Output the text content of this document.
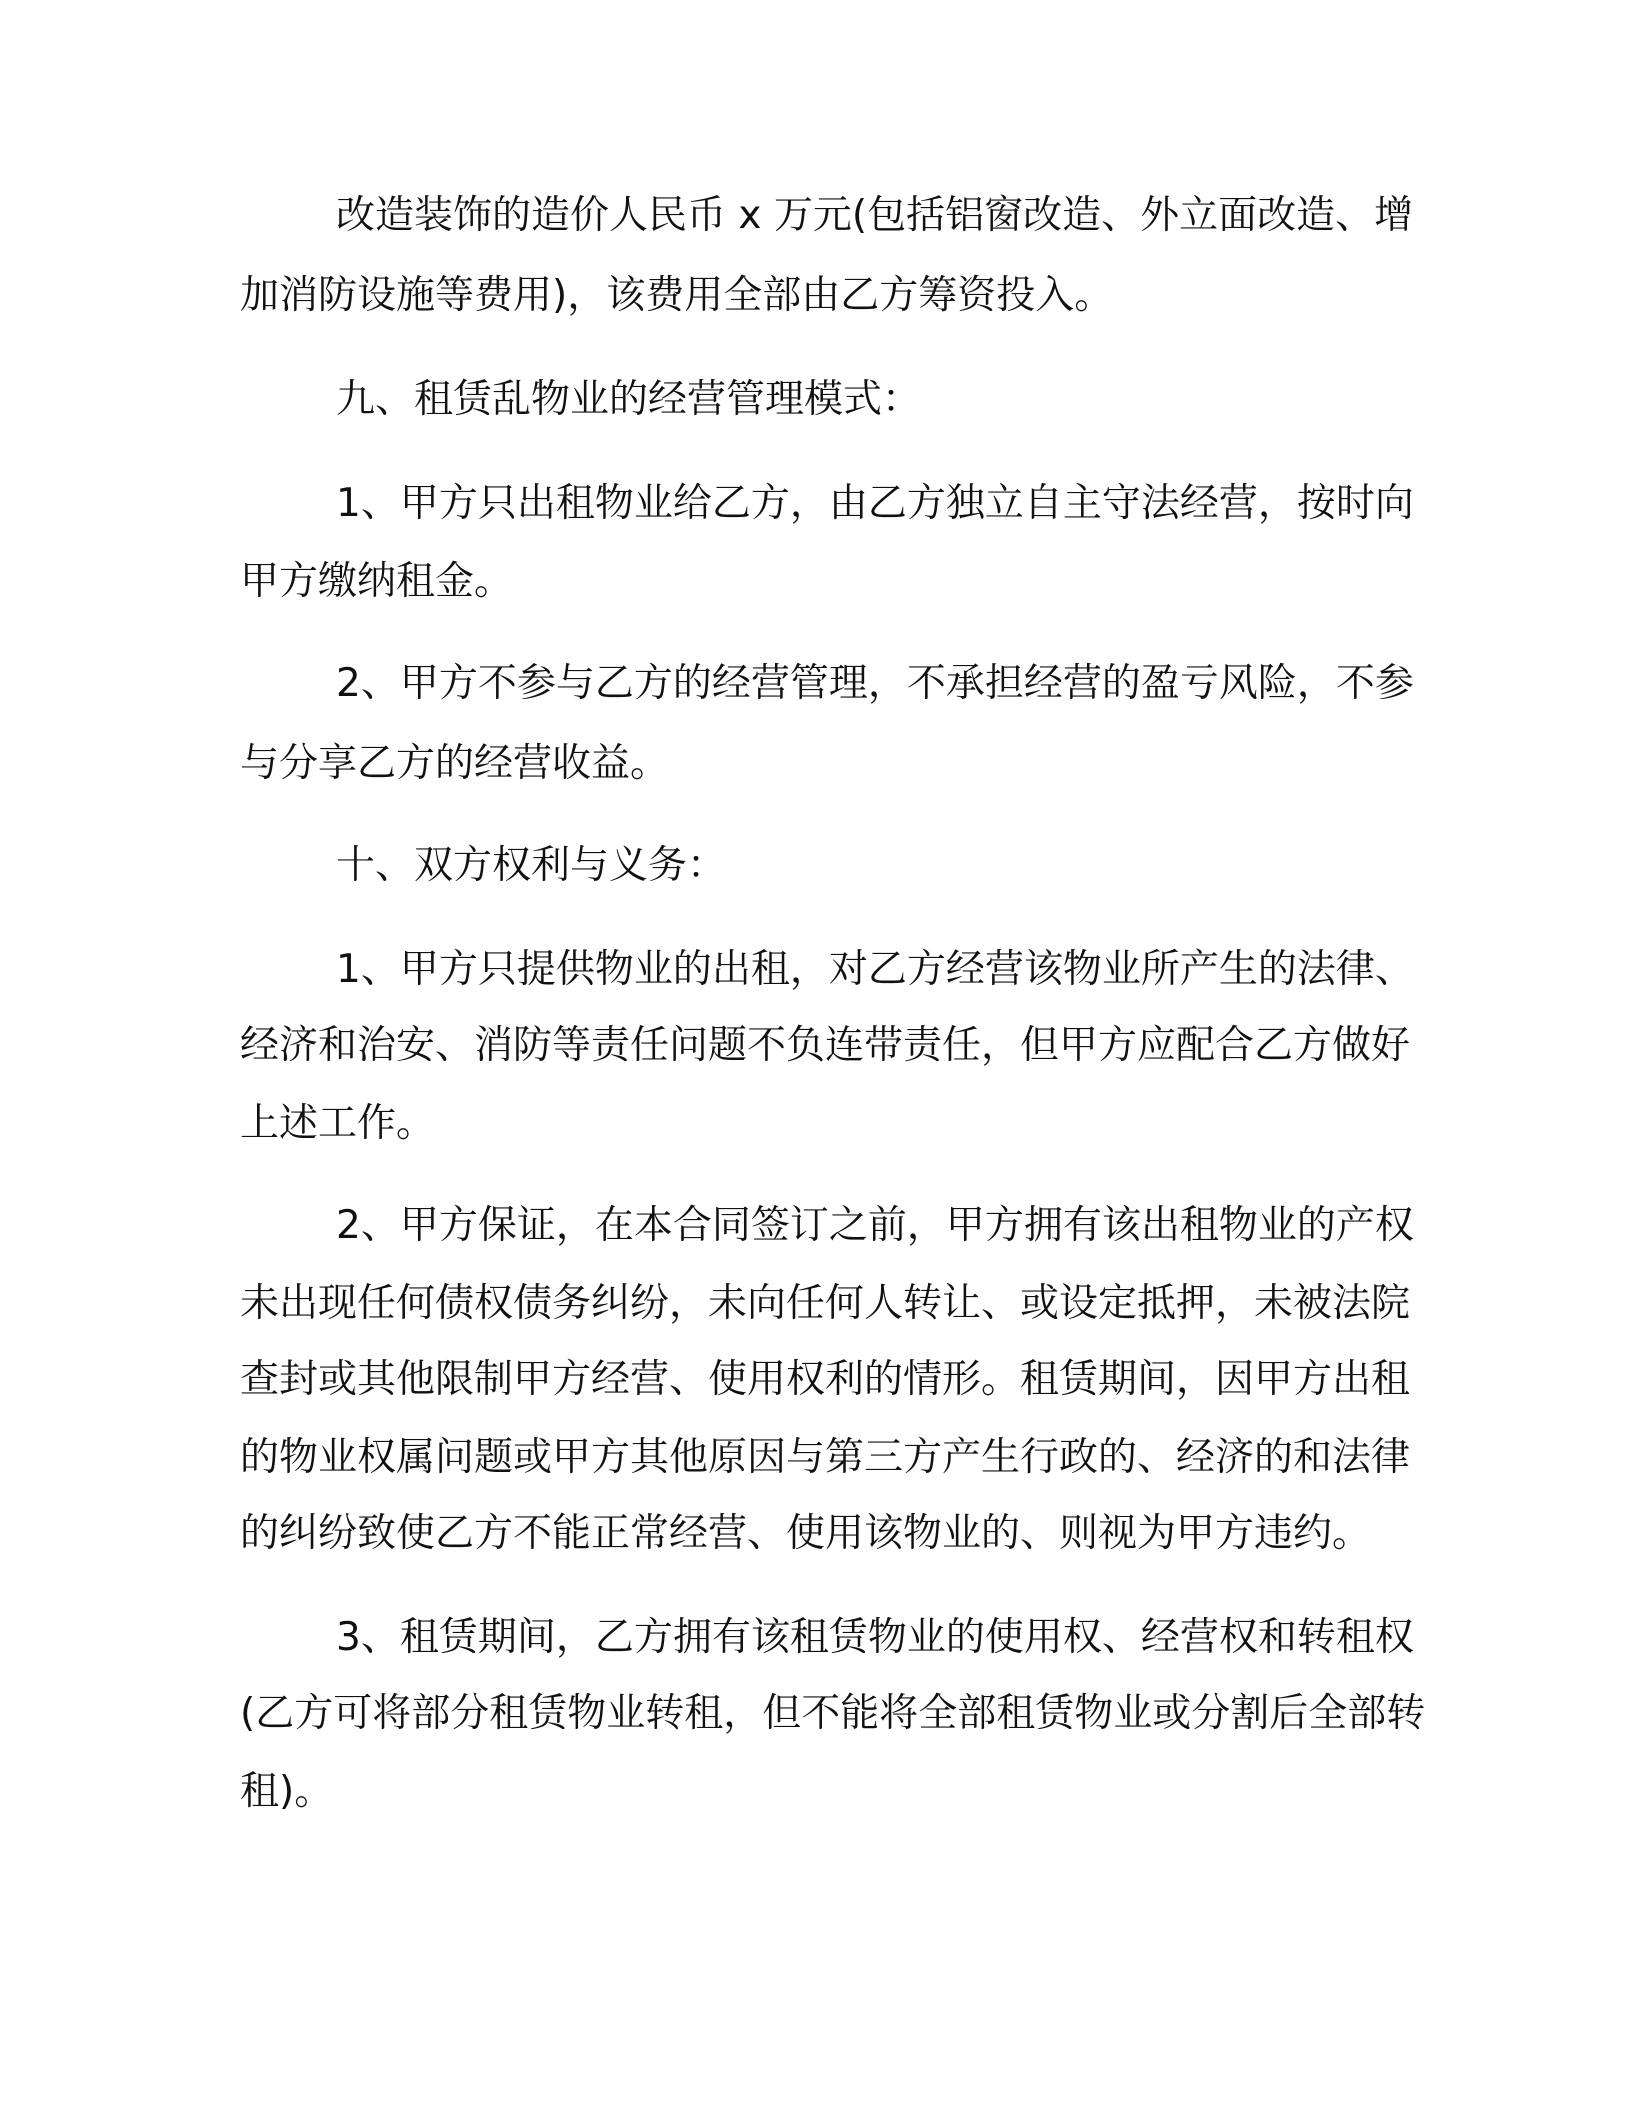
改造装饰的造价人民币 x 万元(包括铝窗改造、外立面改造、增
加消防设施等费用)，该费用全部由乙方筹资投入。
九、租赁乱物业的经营管理模式：
1、甲方只出租物业给乙方，由乙方独立自主守法经营，按时向
甲方缴纳租金。
2、甲方不参与乙方的经营管理，不承担经营的盈亏风险，不参
与分享乙方的经营收益。
十、双方权利与义务：
1、甲方只提供物业的出租，对乙方经营该物业所产生的法律、
经济和治安、消防等责任问题不负连带责任，但甲方应配合乙方做好
上述工作。
2、甲方保证，在本合同签订之前，甲方拥有该出租物业的产权
未出现任何债权债务纠纷，未向任何人转让、或设定抵押，未被法院
查封或其他限制甲方经营、使用权利的情形。租赁期间，因甲方出租
的物业权属问题或甲方其他原因与第三方产生行政的、经济的和法律
的纠纷致使乙方不能正常经营、使用该物业的、则视为甲方违约。
3、租赁期间，乙方拥有该租赁物业的使用权、经营权和转租权
(乙方可将部分租赁物业转租，但不能将全部租赁物业或分割后全部转
租)。
